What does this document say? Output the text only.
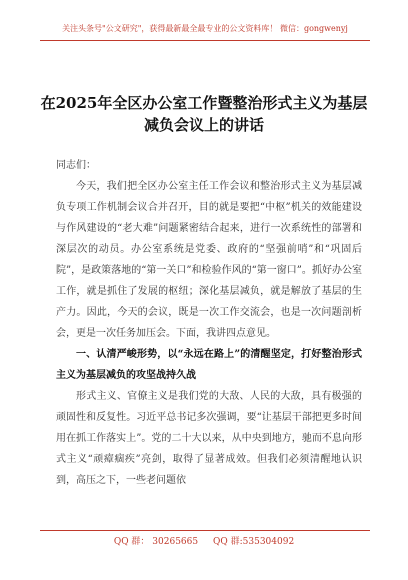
关注头条号"公文研究"，获得最新最全最专业的公文资料库！ 微信：gongwenyj
在2025年全区办公室工作暨整治形式主义为基层
减负会议上的讲话

同志们：

今天，我们把全区办公室主任工作会议和整治形式主义为基层减负专项工作机制会议合并召开，目的就是要把“中枢”机关的效能建设与作风建设的“老大难”问题紧密结合起来，进行一次系统性的部署和深层次的动员。办公室系统是党委、政府的“坚强前哨”和“巩固后院”，是政策落地的“第一关口”和检验作风的“第一窗口”。抓好办公室工作，就是抓住了发展的枢纽；深化基层减负，就是解放了基层的生产力。因此，今天的会议，既是一次工作交流会，也是一次问题剖析会，更是一次任务加压会。下面，我讲四点意见。

一、认清严峻形势，以“永远在路上”的清醒坚定，打好整治形式主义为基层减负的攻坚战持久战

形式主义、官僚主义是我们党的大敌、人民的大敌，具有极强的顽固性和反复性。习近平总书记多次强调，要“让基层干部把更多时间用在抓工作落实上”。党的二十大以来，从中央到地方，驰而不息向形式主义“顽瘴痼疾”亮剑，取得了显著成效。但我们必须清醒地认识到，高压之下，一些老问题依

QQ 群： 30265665 QQ 群:535304092
